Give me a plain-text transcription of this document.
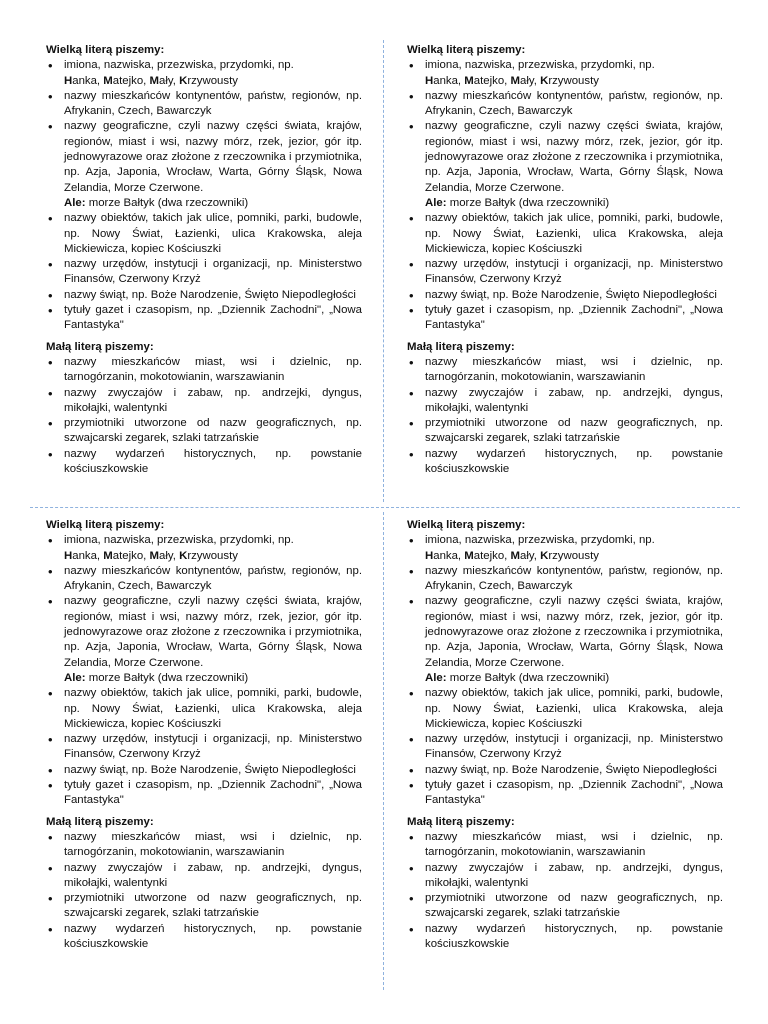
Wielką literą piszemy:

• imiona, nazwiska, przezwiska, przydomki, np.
Hanka, Matejko, Mały, Krzywousty
• nazwy mieszkańców kontynentów, państw, regionów, np. Afrykanin, Czech, Bawarczyk
• nazwy geograficzne, czyli nazwy części świata, krajów, regionów, miast i wsi, nazwy mórz, rzek, jezior, gór itp. jednowyrazowe oraz złożone z rzeczownika i przymiotnika, np. Azja, Japonia, Wrocław, Warta, Górny Śląsk, Nowa Zelandia, Morze Czerwone.
Ale: morze Bałtyk (dwa rzeczowniki)
• nazwy obiektów, takich jak ulice, pomniki, parki, budowle, np. Nowy Świat, Łazienki, ulica Krakowska, aleja Mickiewicza, kopiec Kościuszki
• nazwy urzędów, instytucji i organizacji, np. Ministerstwo Finansów, Czerwony Krzyż
• nazwy świąt, np. Boże Narodzenie, Święto Niepodległości
• tytuły gazet i czasopism, np. „Dziennik Zachodni", „Nowa Fantastyka"

Małą literą piszemy:

• nazwy mieszkańców miast, wsi i dzielnic, np. tarnogórzanin, mokotowianin, warszawianin
• nazwy zwyczajów i zabaw, np. andrzejki, dyngus, mikołajki, walentynki
• przymiotniki utworzone od nazw geograficznych, np. szwajcarski zegarek, szlaki tatrzańskie
• nazwy wydarzeń historycznych, np. powstanie kościuszkowskie

Wielką literą piszemy:

• imiona, nazwiska, przezwiska, przydomki, np.
Hanka, Matejko, Mały, Krzywousty
• nazwy mieszkańców kontynentów, państw, regionów, np. Afrykanin, Czech, Bawarczyk
• nazwy geograficzne, czyli nazwy części świata, krajów, regionów, miast i wsi, nazwy mórz, rzek, jezior, gór itp. jednowyrazowe oraz złożone z rzeczownika i przymiotnika, np. Azja, Japonia, Wrocław, Warta, Górny Śląsk, Nowa Zelandia, Morze Czerwone.
Ale: morze Bałtyk (dwa rzeczowniki)
• nazwy obiektów, takich jak ulice, pomniki, parki, budowle, np. Nowy Świat, Łazienki, ulica Krakowska, aleja Mickiewicza, kopiec Kościuszki
• nazwy urzędów, instytucji i organizacji, np. Ministerstwo Finansów, Czerwony Krzyż
• nazwy świąt, np. Boże Narodzenie, Święto Niepodległości
• tytuły gazet i czasopism, np. „Dziennik Zachodni", „Nowa Fantastyka"

Małą literą piszemy:

• nazwy mieszkańców miast, wsi i dzielnic, np. tarnogórzanin, mokotowianin, warszawianin
• nazwy zwyczajów i zabaw, np. andrzejki, dyngus, mikołajki, walentynki
• przymiotniki utworzone od nazw geograficznych, np. szwajcarski zegarek, szlaki tatrzańskie
• nazwy wydarzeń historycznych, np. powstanie kościuszkowskie

Wielką literą piszemy:

• imiona, nazwiska, przezwiska, przydomki, np.
Hanka, Matejko, Mały, Krzywousty
• nazwy mieszkańców kontynentów, państw, regionów, np. Afrykanin, Czech, Bawarczyk
• nazwy geograficzne, czyli nazwy części świata, krajów, regionów, miast i wsi, nazwy mórz, rzek, jezior, gór itp. jednowyrazowe oraz złożone z rzeczownika i przymiotnika, np. Azja, Japonia, Wrocław, Warta, Górny Śląsk, Nowa Zelandia, Morze Czerwone.
Ale: morze Bałtyk (dwa rzeczowniki)
• nazwy obiektów, takich jak ulice, pomniki, parki, budowle, np. Nowy Świat, Łazienki, ulica Krakowska, aleja Mickiewicza, kopiec Kościuszki
• nazwy urzędów, instytucji i organizacji, np. Ministerstwo Finansów, Czerwony Krzyż
• nazwy świąt, np. Boże Narodzenie, Święto Niepodległości
• tytuły gazet i czasopism, np. „Dziennik Zachodni", „Nowa Fantastyka"

Małą literą piszemy:

• nazwy mieszkańców miast, wsi i dzielnic, np. tarnogórzanin, mokotowianin, warszawianin
• nazwy zwyczajów i zabaw, np. andrzejki, dyngus, mikołajki, walentynki
• przymiotniki utworzone od nazw geograficznych, np. szwajcarski zegarek, szlaki tatrzańskie
• nazwy wydarzeń historycznych, np. powstanie kościuszkowskie

Wielką literą piszemy:

• imiona, nazwiska, przezwiska, przydomki, np.
Hanka, Matejko, Mały, Krzywousty
• nazwy mieszkańców kontynentów, państw, regionów, np. Afrykanin, Czech, Bawarczyk
• nazwy geograficzne, czyli nazwy części świata, krajów, regionów, miast i wsi, nazwy mórz, rzek, jezior, gór itp. jednowyrazowe oraz złożone z rzeczownika i przymiotnika, np. Azja, Japonia, Wrocław, Warta, Górny Śląsk, Nowa Zelandia, Morze Czerwone.
Ale: morze Bałtyk (dwa rzeczowniki)
• nazwy obiektów, takich jak ulice, pomniki, parki, budowle, np. Nowy Świat, Łazienki, ulica Krakowska, aleja Mickiewicza, kopiec Kościuszki
• nazwy urzędów, instytucji i organizacji, np. Ministerstwo Finansów, Czerwony Krzyż
• nazwy świąt, np. Boże Narodzenie, Święto Niepodległości
• tytuły gazet i czasopism, np. „Dziennik Zachodni", „Nowa Fantastyka"

Małą literą piszemy:

• nazwy mieszkańców miast, wsi i dzielnic, np. tarnogórzanin, mokotowianin, warszawianin
• nazwy zwyczajów i zabaw, np. andrzejki, dyngus, mikołajki, walentynki
• przymiotniki utworzone od nazw geograficznych, np. szwajcarski zegarek, szlaki tatrzańskie
• nazwy wydarzeń historycznych, np. powstanie kościuszkowskie
